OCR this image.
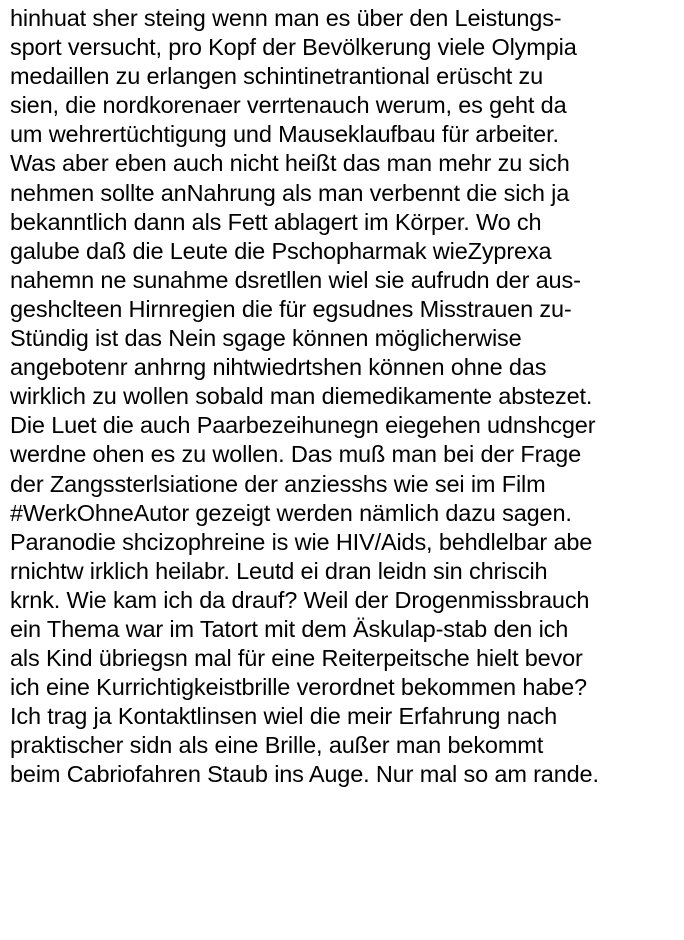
hinhuat sher steing wenn man es über den Leistungs-
sport versucht, pro Kopf der Bevölkerung viele Olympia
medaillen zu erlangen schintinetrantional erüscht zu
sien, die nordkorenaer verrtenauch werum, es geht da
um wehrertüchtigung und Mauseklaufbau für arbeiter.
Was aber eben auch nicht heißt das man mehr zu sich
nehmen sollte anNahrung als man verbennt die sich ja
bekanntlich dann als Fett ablagert im Körper. Wo ch
galube daß die Leute die Pschopharmak wieZyprexa
nahemn ne sunahme dsretllen wiel sie aufrudn der aus-
geshclteen Hirnregien die für egsudnes Misstrauen zu-
Stündig ist das Nein sgage können möglicherwise
angebotenr anhrng nihtwiedrtshen können ohne das
wirklich zu wollen sobald man diemedikamente abstezet.
Die Luet die auch Paarbezeihunegn eiegehen udnshcger
werdne ohen es zu wollen. Das muß man bei der Frage
der Zangssterlsiatione der anziesshs wie sei im Film
#WerkOhneAutor gezeigt werden nämlich dazu sagen.
Paranodie shcizophreine is wie HIV/Aids, behdlelbar abe
rnichtw irklich heilabr. Leutd ei dran leidn sin chriscih
krnk. Wie kam ich da drauf? Weil der Drogenmissbrauch
ein Thema war im Tatort mit dem Äskulap-stab den ich
als Kind übriegsn mal für eine Reiterpeitsche hielt bevor
ich eine Kurrichtigkeistbrille verordnet bekommen habe?
Ich trag ja Kontaktlinsen wiel die meir Erfahrung nach
praktischer sidn als eine Brille, außer man bekommt
beim Cabriofahren Staub ins Auge. Nur mal so am rande.
